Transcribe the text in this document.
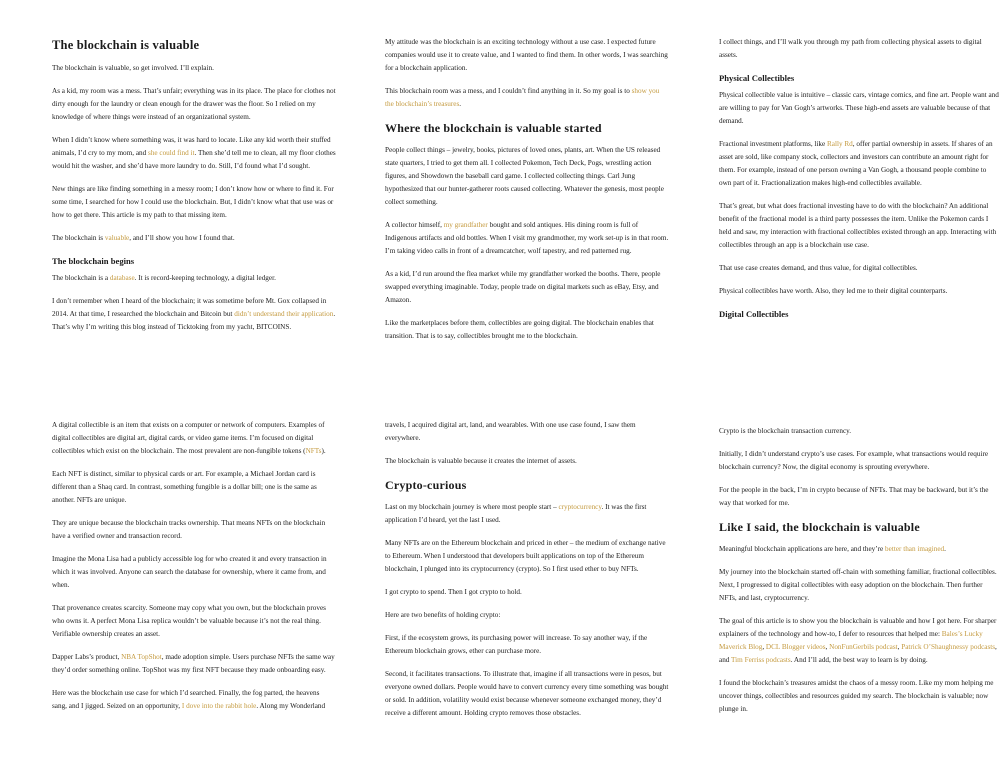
The blockchain is valuable

The blockchain is valuable, so get involved. I’ll explain.

As a kid, my room was a mess. That’s unfair; everything was in its place. The place for clothes not dirty enough for the laundry or clean enough for the drawer was the floor. So I relied on my knowledge of where things were instead of an organizational system.

When I didn’t know where something was, it was hard to locate. Like any kid worth their stuffed animals, I’d cry to my mom, and she could find it. Then she’d tell me to clean, all my floor clothes would hit the washer, and she’d have more laundry to do. Still, I’d found what I’d sought.

New things are like finding something in a messy room; I don’t know how or where to find it. For some time, I searched for how I could use the blockchain. But, I didn’t know what that use was or how to get there. This article is my path to that missing item.

The blockchain is valuable, and I’ll show you how I found that.

The blockchain begins

The blockchain is a database. It is record-keeping technology, a digital ledger.

I don’t remember when I heard of the blockchain; it was sometime before Mt. Gox collapsed in 2014. At that time, I researched the blockchain and Bitcoin but didn’t understand their application. That’s why I’m writing this blog instead of Ticktoking from my yacht, BITCOINS.

My attitude was the blockchain is an exciting technology without a use case. I expected future companies would use it to create value, and I wanted to find them. In other words, I was searching for a blockchain application.

This blockchain room was a mess, and I couldn’t find anything in it. So my goal is to show you the blockchain’s treasures.

Where the blockchain is valuable started

People collect things – jewelry, books, pictures of loved ones, plants, art. When the US released state quarters, I tried to get them all. I collected Pokemon, Tech Deck, Pogs, wrestling action figures, and Showdown the baseball card game. I collected collecting things. Carl Jung hypothesized that our hunter-gatherer roots caused collecting. Whatever the genesis, most people collect something.

A collector himself, my grandfather bought and sold antiques. His dining room is full of Indigenous artifacts and old bottles. When I visit my grandmother, my work set-up is in that room. I’m taking video calls in front of a dreamcatcher, wolf tapestry, and red patterned rug.

As a kid, I’d run around the flea market while my grandfather worked the booths. There, people swapped everything imaginable. Today, people trade on digital markets such as eBay, Etsy, and Amazon.

Like the marketplaces before them, collectibles are going digital. The blockchain enables that transition. That is to say, collectibles brought me to the blockchain.

I collect things, and I’ll walk you through my path from collecting physical assets to digital assets.

Physical Collectibles

Physical collectible value is intuitive – classic cars, vintage comics, and fine art. People want and are willing to pay for Van Gogh’s artworks. These high-end assets are valuable because of that demand.

Fractional investment platforms, like Rally Rd, offer partial ownership in assets. If shares of an asset are sold, like company stock, collectors and investors can contribute an amount right for them. For example, instead of one person owning a Van Gogh, a thousand people combine to own part of it. Fractionalization makes high-end collectibles available.

That’s great, but what does fractional investing have to do with the blockchain? An additional benefit of the fractional model is a third party possesses the item. Unlike the Pokemon cards I held and saw, my interaction with fractional collectibles existed through an app. Interacting with collectibles through an app is a blockchain use case.

That use case creates demand, and thus value, for digital collectibles.

Physical collectibles have worth. Also, they led me to their digital counterparts.

Digital Collectibles

A digital collectible is an item that exists on a computer or network of computers. Examples of digital collectibles are digital art, digital cards, or video game items. I’m focused on digital collectibles which exist on the blockchain. The most prevalent are non-fungible tokens (NFTs).

Each NFT is distinct, similar to physical cards or art. For example, a Michael Jordan card is different than a Shaq card. In contrast, something fungible is a dollar bill; one is the same as another. NFTs are unique.

They are unique because the blockchain tracks ownership. That means NFTs on the blockchain have a verified owner and transaction record.

Imagine the Mona Lisa had a publicly accessible log for who created it and every transaction in which it was involved. Anyone can search the database for ownership, where it came from, and when.

That provenance creates scarcity. Someone may copy what you own, but the blockchain proves who owns it. A perfect Mona Lisa replica wouldn’t be valuable because it’s not the real thing. Verifiable ownership creates an asset.

Dapper Labs’s product, NBA TopShot, made adoption simple. Users purchase NFTs the same way they’d order something online. TopShot was my first NFT because they made onboarding easy.

Here was the blockchain use case for which I’d searched. Finally, the fog parted, the heavens sang, and I jigged. Seized on an opportunity, I dove into the rabbit hole. Along my Wonderland

travels, I acquired digital art, land, and wearables. With one use case found, I saw them everywhere.

The blockchain is valuable because it creates the internet of assets.

Crypto-curious

Last on my blockchain journey is where most people start – cryptocurrency. It was the first application I’d heard, yet the last I used.

Many NFTs are on the Ethereum blockchain and priced in ether – the medium of exchange native to Ethereum. When I understood that developers built applications on top of the Ethereum blockchain, I plunged into its cryptocurrency (crypto). So I first used ether to buy NFTs.

I got crypto to spend. Then I got crypto to hold.

Here are two benefits of holding crypto:

First, if the ecosystem grows, its purchasing power will increase. To say another way, if the Ethereum blockchain grows, ether can purchase more.

Second, it facilitates transactions. To illustrate that, imagine if all transactions were in pesos, but everyone owned dollars. People would have to convert currency every time something was bought or sold. In addition, volatility would exist because whenever someone exchanged money, they’d receive a different amount. Holding crypto removes those obstacles.

Crypto is the blockchain transaction currency.

Initially, I didn’t understand crypto’s use cases. For example, what transactions would require blockchain currency? Now, the digital economy is sprouting everywhere.

For the people in the back, I’m in crypto because of NFTs. That may be backward, but it’s the way that worked for me.

Like I said, the blockchain is valuable

Meaningful blockchain applications are here, and they’re better than imagined.

My journey into the blockchain started off-chain with something familiar, fractional collectibles. Next, I progressed to digital collectibles with easy adoption on the blockchain. Then further NFTs, and last, cryptocurrency.

The goal of this article is to show you the blockchain is valuable and how I got here. For sharper explainers of the technology and how-to, I defer to resources that helped me: Bales’s Lucky Maverick Blog, DCL Blogger videos, NonFunGerbils podcast, Patrick O’Shaughnessy podcasts, and Tim Ferriss podcasts. And I’ll add, the best way to learn is by doing.

I found the blockchain’s treasures amidst the chaos of a messy room. Like my mom helping me uncover things, collectibles and resources guided my search. The blockchain is valuable; now plunge in.
